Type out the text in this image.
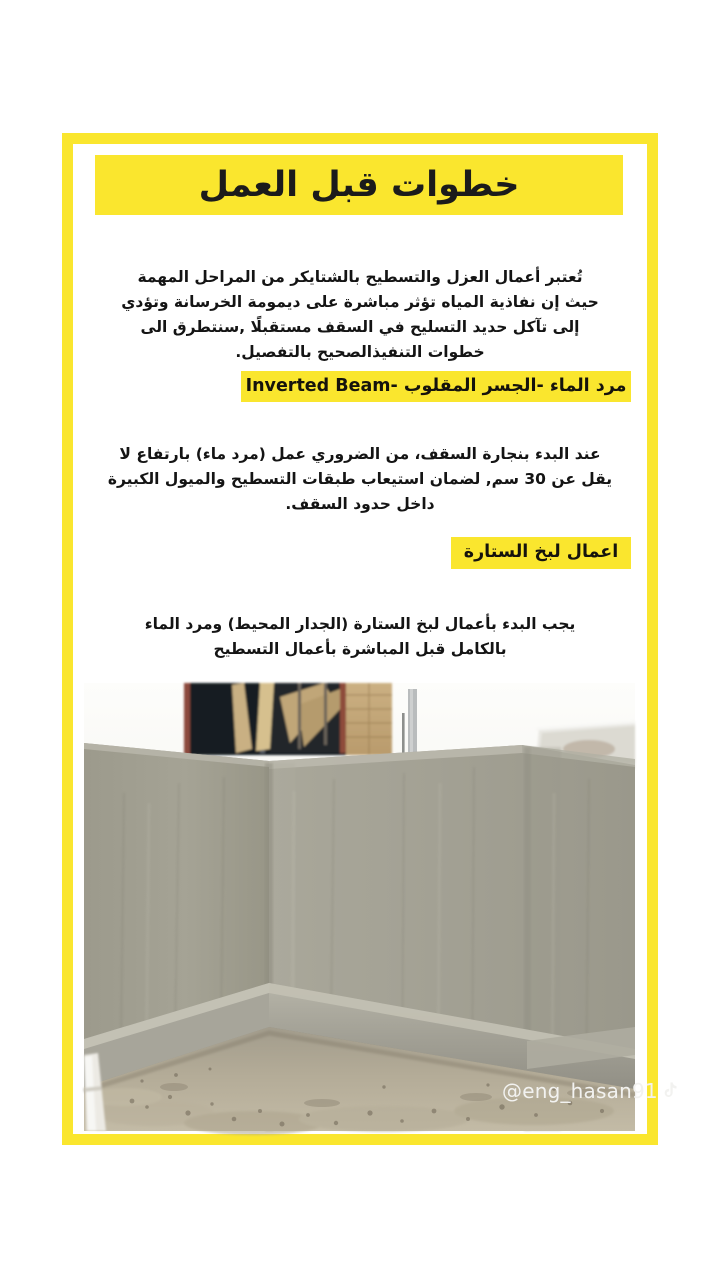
خطوات قبل العمل

تُعتبر أعمال العزل والتسطيح بالشتايكر من المراحل المهمة حيث إن نفاذية المياه تؤثر مباشرة على ديمومة الخرسانة وتؤدي إلى تآكل حديد التسليح في السقف مستقبلًا ,سنتطرق الى خطوات التنفيذالصحيح بالتفصيل.

مرد الماء -الجسر المقلوب -Inverted Beam

عند البدء بنجارة السقف، من الضروري عمل (مرد ماء) بارتفاع لا يقل عن 30 سم, لضمان استيعاب طبقات التسطيح والميول الكبيرة داخل حدود السقف.

اعمال لبخ الستارة

يجب البدء بأعمال لبخ الستارة (الجدار المحيط) ومرد الماء بالكامل قبل المباشرة بأعمال التسطيح

@eng_hasan91
